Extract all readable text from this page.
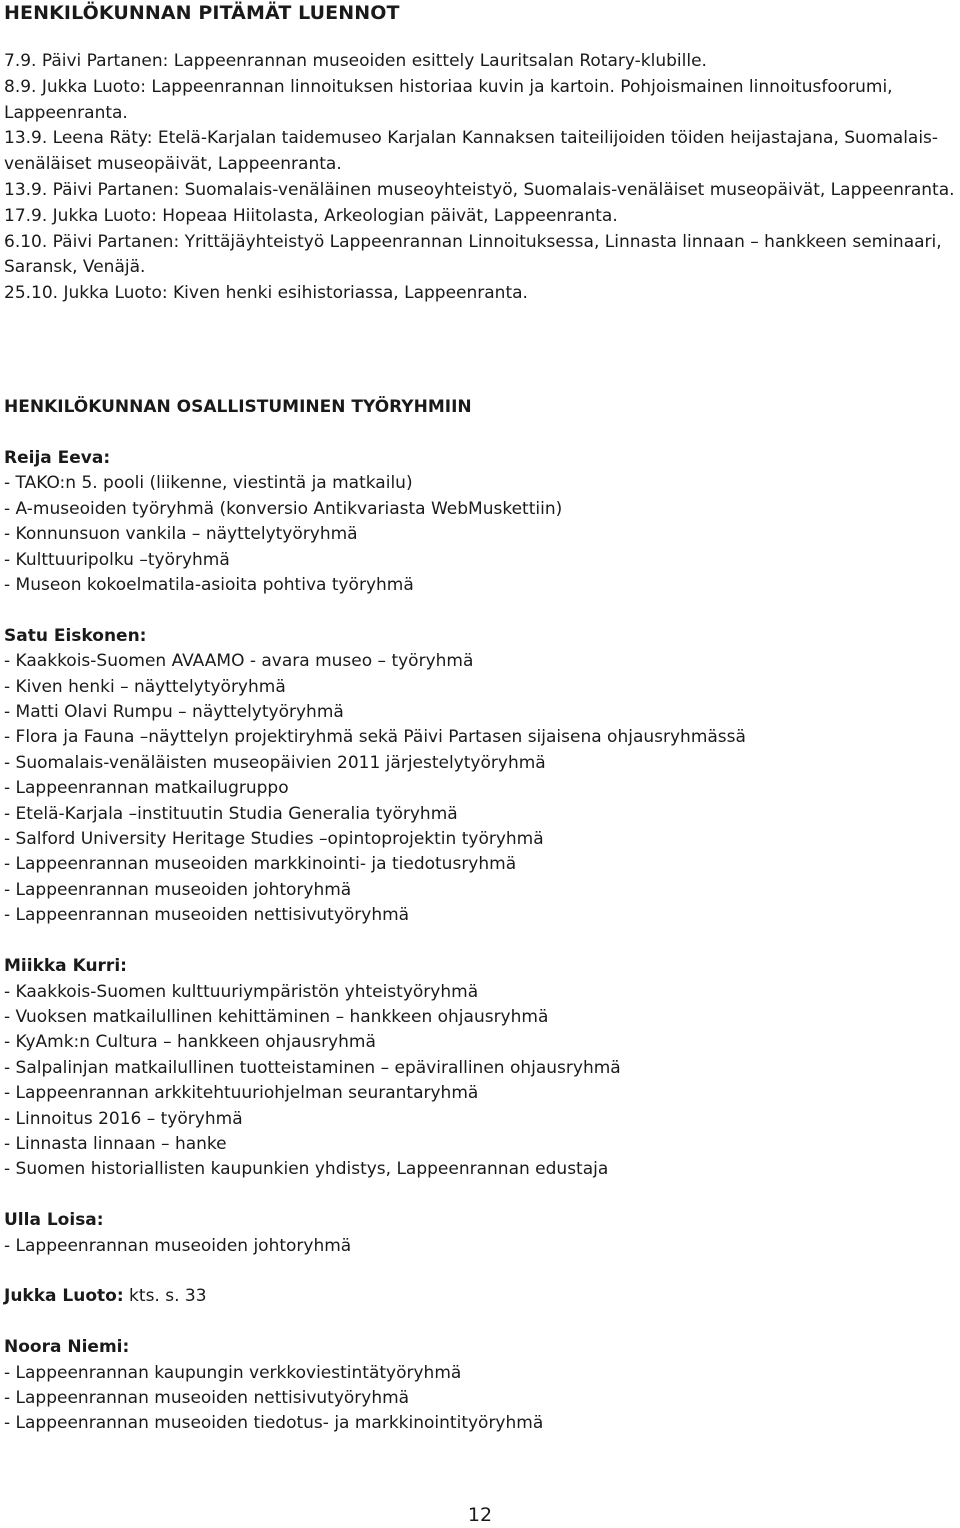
HENKILÖKUNNAN PITÄMÄT LUENNOT
7.9. Päivi Partanen: Lappeenrannan museoiden esittely Lauritsalan Rotary-klubille.
8.9. Jukka Luoto: Lappeenrannan linnoituksen historiaa kuvin ja kartoin. Pohjoismainen linnoitusfoorumi, Lappeenranta.
13.9. Leena Räty: Etelä-Karjalan taidemuseo Karjalan Kannaksen taiteilijoiden töiden heijastajana, Suomalais-venäläiset museopäivät, Lappeenranta.
13.9. Päivi Partanen: Suomalais-venäläinen museoyhteistyö, Suomalais-venäläiset museopäivät, Lappeenranta.
17.9. Jukka Luoto: Hopeaa Hiitolasta, Arkeologian päivät, Lappeenranta.
6.10. Päivi Partanen: Yrittäjäyhteistyö Lappeenrannan Linnoituksessa, Linnasta linnaan – hankkeen seminaari, Saransk, Venäjä.
25.10. Jukka Luoto: Kiven henki esihistoriassa, Lappeenranta.
HENKILÖKUNNAN OSALLISTUMINEN TYÖRYHMIIN

Reija Eeva:

- TAKO:n 5. pooli (liikenne, viestintä ja matkailu)
- A-museoiden työryhmä (konversio Antikvariasta WebMuskettiin)
- Konnunsuon vankila – näyttelytyöryhmä
- Kulttuuripolku –työryhmä
- Museon kokoelmatila-asioita pohtiva työryhmä

Satu Eiskonen:

- Kaakkois-Suomen AVAAMO - avara museo – työryhmä
- Kiven henki – näyttelytyöryhmä
- Matti Olavi Rumpu – näyttelytyöryhmä
- Flora ja Fauna –näyttelyn projektiryhmä sekä Päivi Partasen sijaisena ohjausryhmässä
- Suomalais-venäläisten museopäivien 2011 järjestelytyöryhmä
- Lappeenrannan matkailugruppo
- Etelä-Karjala –instituutin Studia Generalia työryhmä
- Salford University Heritage Studies –opintoprojektin työryhmä
- Lappeenrannan museoiden markkinointi- ja tiedotusryhmä
- Lappeenrannan museoiden johtoryhmä
- Lappeenrannan museoiden nettisivutyöryhmä

Miikka Kurri:

- Kaakkois-Suomen kulttuuriympäristön yhteistyöryhmä
- Vuoksen matkailullinen kehittäminen – hankkeen ohjausryhmä
- KyAmk:n Cultura – hankkeen ohjausryhmä
- Salpalinjan matkailullinen tuotteistaminen – epävirallinen ohjausryhmä
- Lappeenrannan arkkitehtuuriohjelman seurantaryhmä
- Linnoitus 2016 – työryhmä
- Linnasta linnaan – hanke
- Suomen historiallisten kaupunkien yhdistys, Lappeenrannan edustaja

Ulla Loisa:

- Lappeenrannan museoiden johtoryhmä

Jukka Luoto: kts. s. 33

Noora Niemi:

- Lappeenrannan kaupungin verkkoviestintätyöryhmä
- Lappeenrannan museoiden nettisivutyöryhmä
- Lappeenrannan museoiden tiedotus- ja markkinointityöryhmä
12
